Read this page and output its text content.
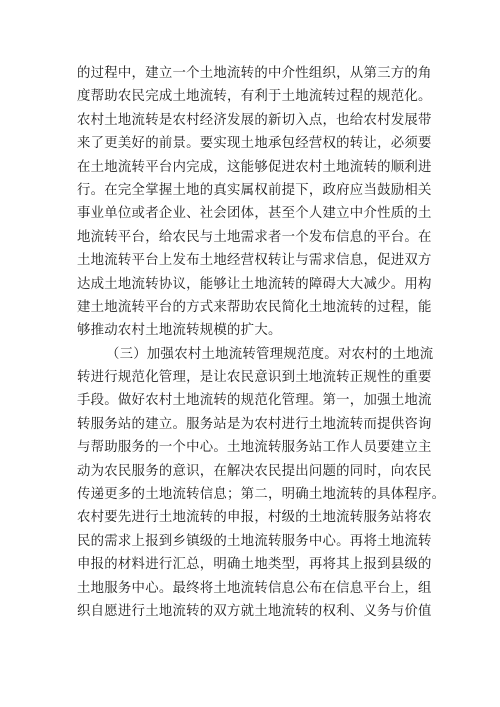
的过程中，建立一个土地流转的中介性组织，从第三方的角
度帮助农民完成土地流转，有利于土地流转过程的规范化。
农村土地流转是农村经济发展的新切入点，也给农村发展带
来了更美好的前景。要实现土地承包经营权的转让，必须要
在土地流转平台内完成，这能够促进农村土地流转的顺利进
行。在完全掌握土地的真实属权前提下，政府应当鼓励相关
事业单位或者企业、社会团体，甚至个人建立中介性质的土
地流转平台，给农民与土地需求者一个发布信息的平台。在
土地流转平台上发布土地经营权转让与需求信息，促进双方
达成土地流转协议，能够让土地流转的障碍大大减少。用构
建土地流转平台的方式来帮助农民简化土地流转的过程，能
够推动农村土地流转规模的扩大。
（三）加强农村土地流转管理规范度。对农村的土地流
转进行规范化管理，是让农民意识到土地流转正规性的重要
手段。做好农村土地流转的规范化管理。第一，加强土地流
转服务站的建立。服务站是为农村进行土地流转而提供咨询
与帮助服务的一个中心。土地流转服务站工作人员要建立主
动为农民服务的意识，在解决农民提出问题的同时，向农民
传递更多的土地流转信息；第二，明确土地流转的具体程序。
农村要先进行土地流转的申报，村级的土地流转服务站将农
民的需求上报到乡镇级的土地流转服务中心。再将土地流转
申报的材料进行汇总，明确土地类型，再将其上报到县级的
土地服务中心。最终将土地流转信息公布在信息平台上，组
织自愿进行土地流转的双方就土地流转的权利、义务与价值
